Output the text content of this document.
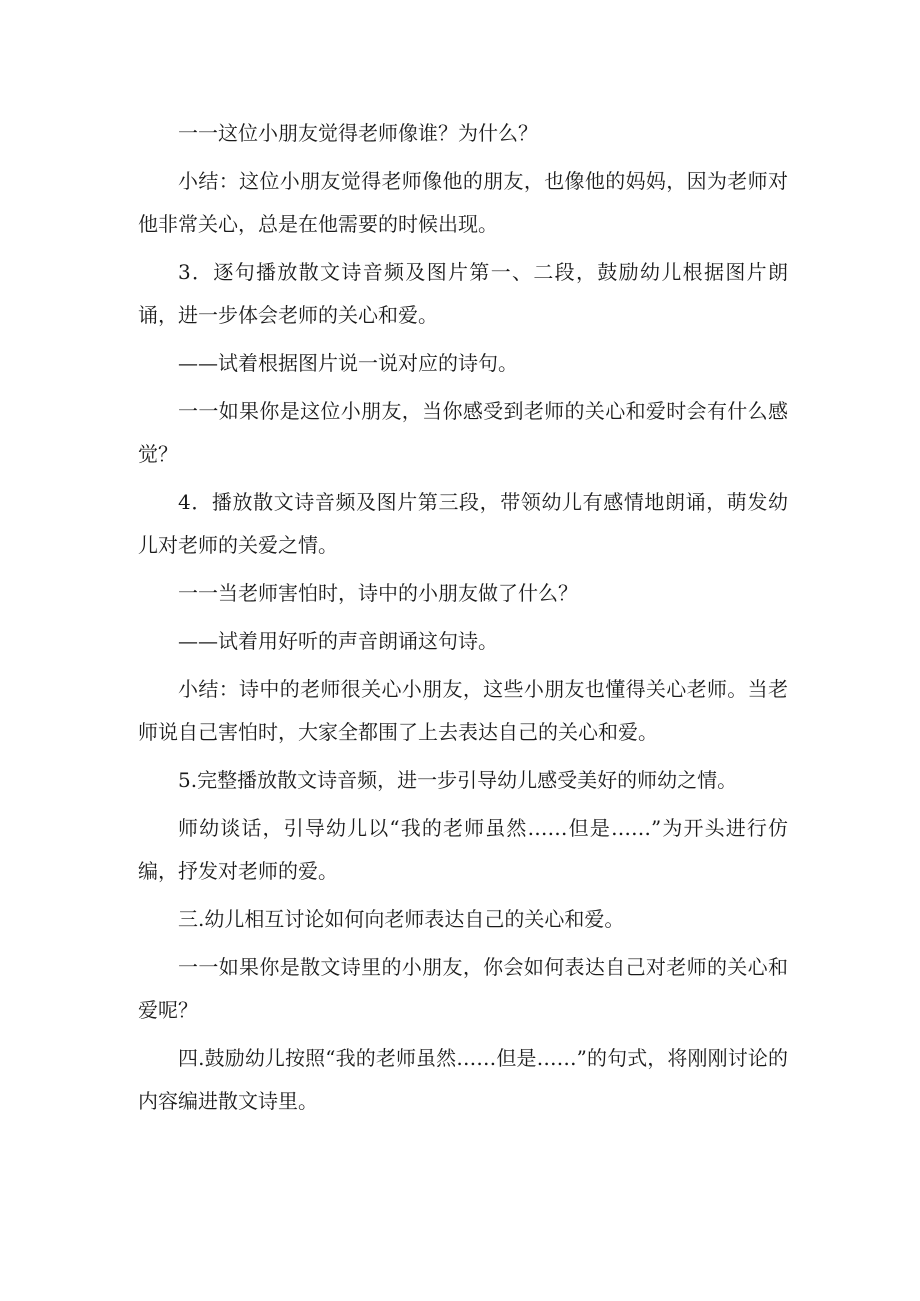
一一这位小朋友觉得老师像谁？为什么？

小结：这位小朋友觉得老师像他的朋友，也像他的妈妈，因为老师对他非常关心，总是在他需要的时候出现。

3．逐句播放散文诗音频及图片第一、二段，鼓励幼儿根据图片朗诵，进一步体会老师的关心和爱。

——试着根据图片说一说对应的诗句。

一一如果你是这位小朋友，当你感受到老师的关心和爱时会有什么感觉？

4．播放散文诗音频及图片第三段，带领幼儿有感情地朗诵，萌发幼儿对老师的关爱之情。

一一当老师害怕时，诗中的小朋友做了什么？

——试着用好听的声音朗诵这句诗。

小结：诗中的老师很关心小朋友，这些小朋友也懂得关心老师。当老师说自己害怕时，大家全都围了上去表达自己的关心和爱。

5.完整播放散文诗音频，进一步引导幼儿感受美好的师幼之情。

师幼谈话，引导幼儿以“我的老师虽然……但是……”为开头进行仿编，抒发对老师的爱。

三.幼儿相互讨论如何向老师表达自己的关心和爱。

一一如果你是散文诗里的小朋友，你会如何表达自己对老师的关心和爱呢？

四.鼓励幼儿按照“我的老师虽然……但是……”的句式，将刚刚讨论的内容编进散文诗里。
